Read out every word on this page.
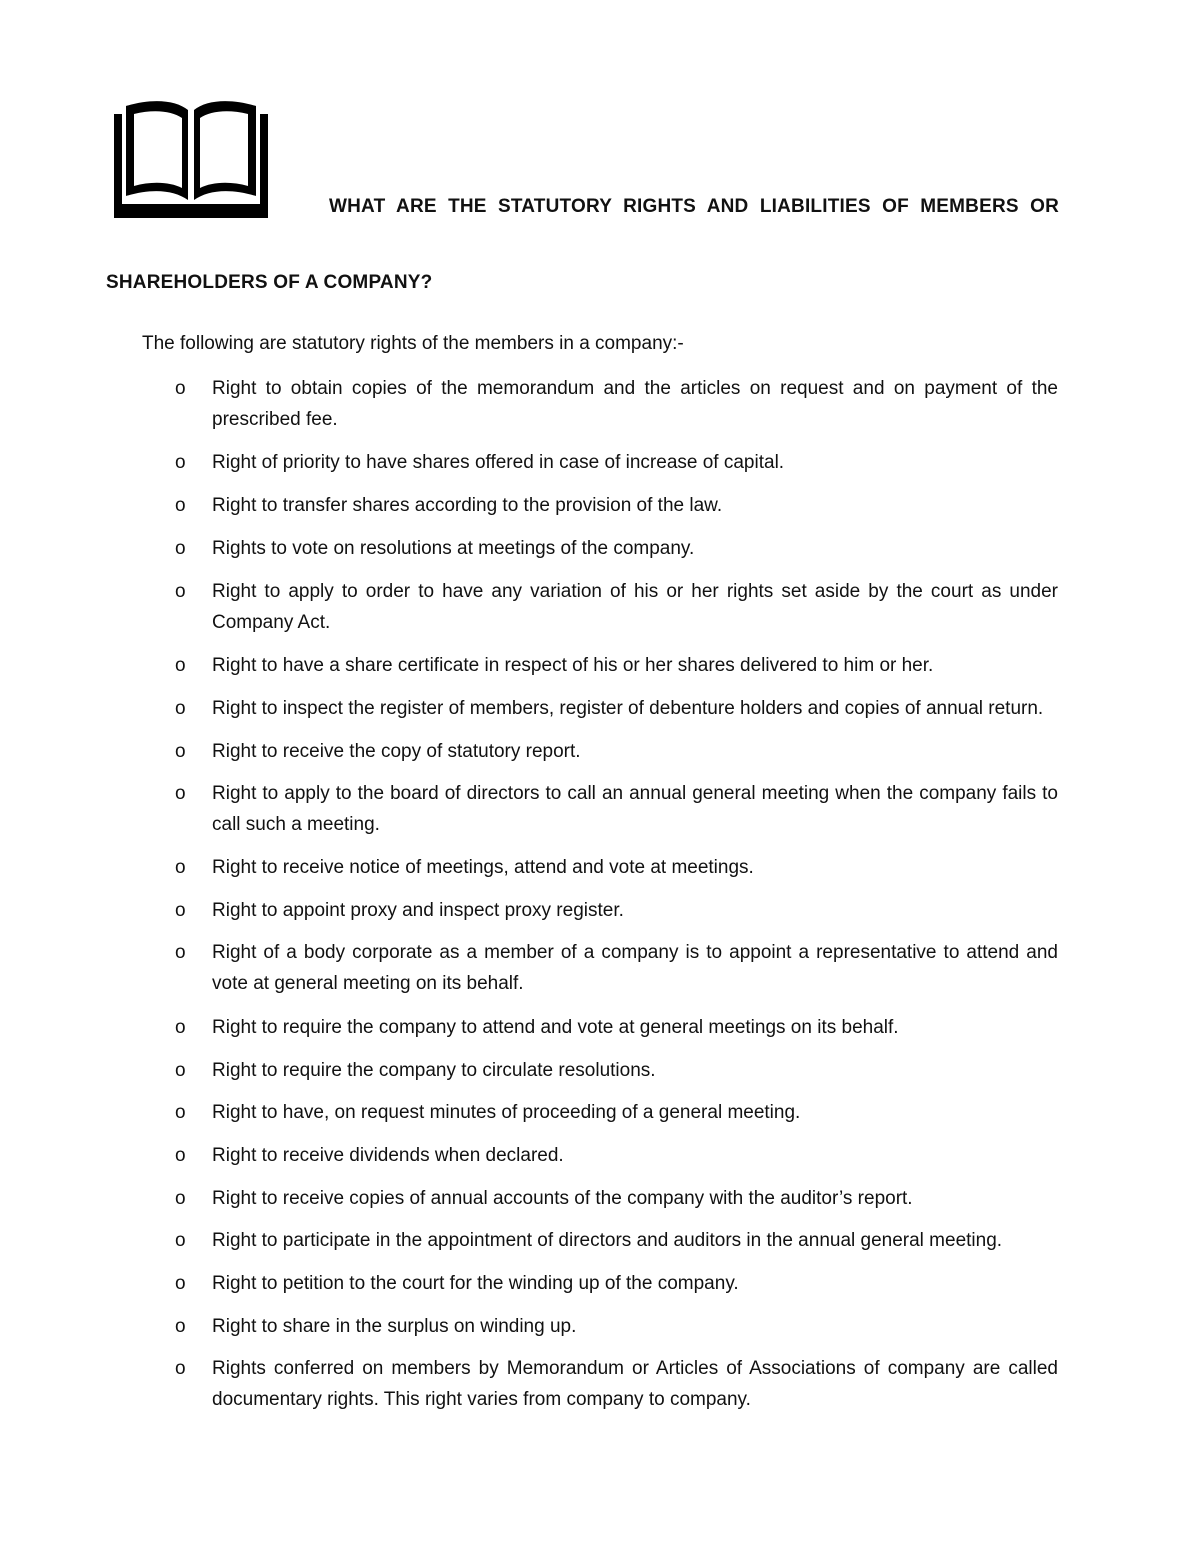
WHAT ARE THE STATUTORY RIGHTS AND LIABILITIES OF MEMBERS OR
SHAREHOLDERS OF A COMPANY?
The following are statutory rights of the members in a company:-
o Right to obtain copies of the memorandum and the articles on request and on payment of the prescribed fee.
o Right of priority to have shares offered in case of increase of capital.
o Right to transfer shares according to the provision of the law.
o Rights to vote on resolutions at meetings of the company.
o Right to apply to order to have any variation of his or her rights set aside by the court as under Company Act.
o Right to have a share certificate in respect of his or her shares delivered to him or her.
o Right to inspect the register of members, register of debenture holders and copies of annual return.
o Right to receive the copy of statutory report.
o Right to apply to the board of directors to call an annual general meeting when the company fails to call such a meeting.
o Right to receive notice of meetings, attend and vote at meetings.
o Right to appoint proxy and inspect proxy register.
o Right of a body corporate as a member of a company is to appoint a representative to attend and vote at general meeting on its behalf.
o Right to require the company to attend and vote at general meetings on its behalf.
o Right to require the company to circulate resolutions.
o Right to have, on request minutes of proceeding of a general meeting.
o Right to receive dividends when declared.
o Right to receive copies of annual accounts of the company with the auditor’s report.
o Right to participate in the appointment of directors and auditors in the annual general meeting.
o Right to petition to the court for the winding up of the company.
o Right to share in the surplus on winding up.
o Rights conferred on members by Memorandum or Articles of Associations of company are called documentary rights. This right varies from company to company.
